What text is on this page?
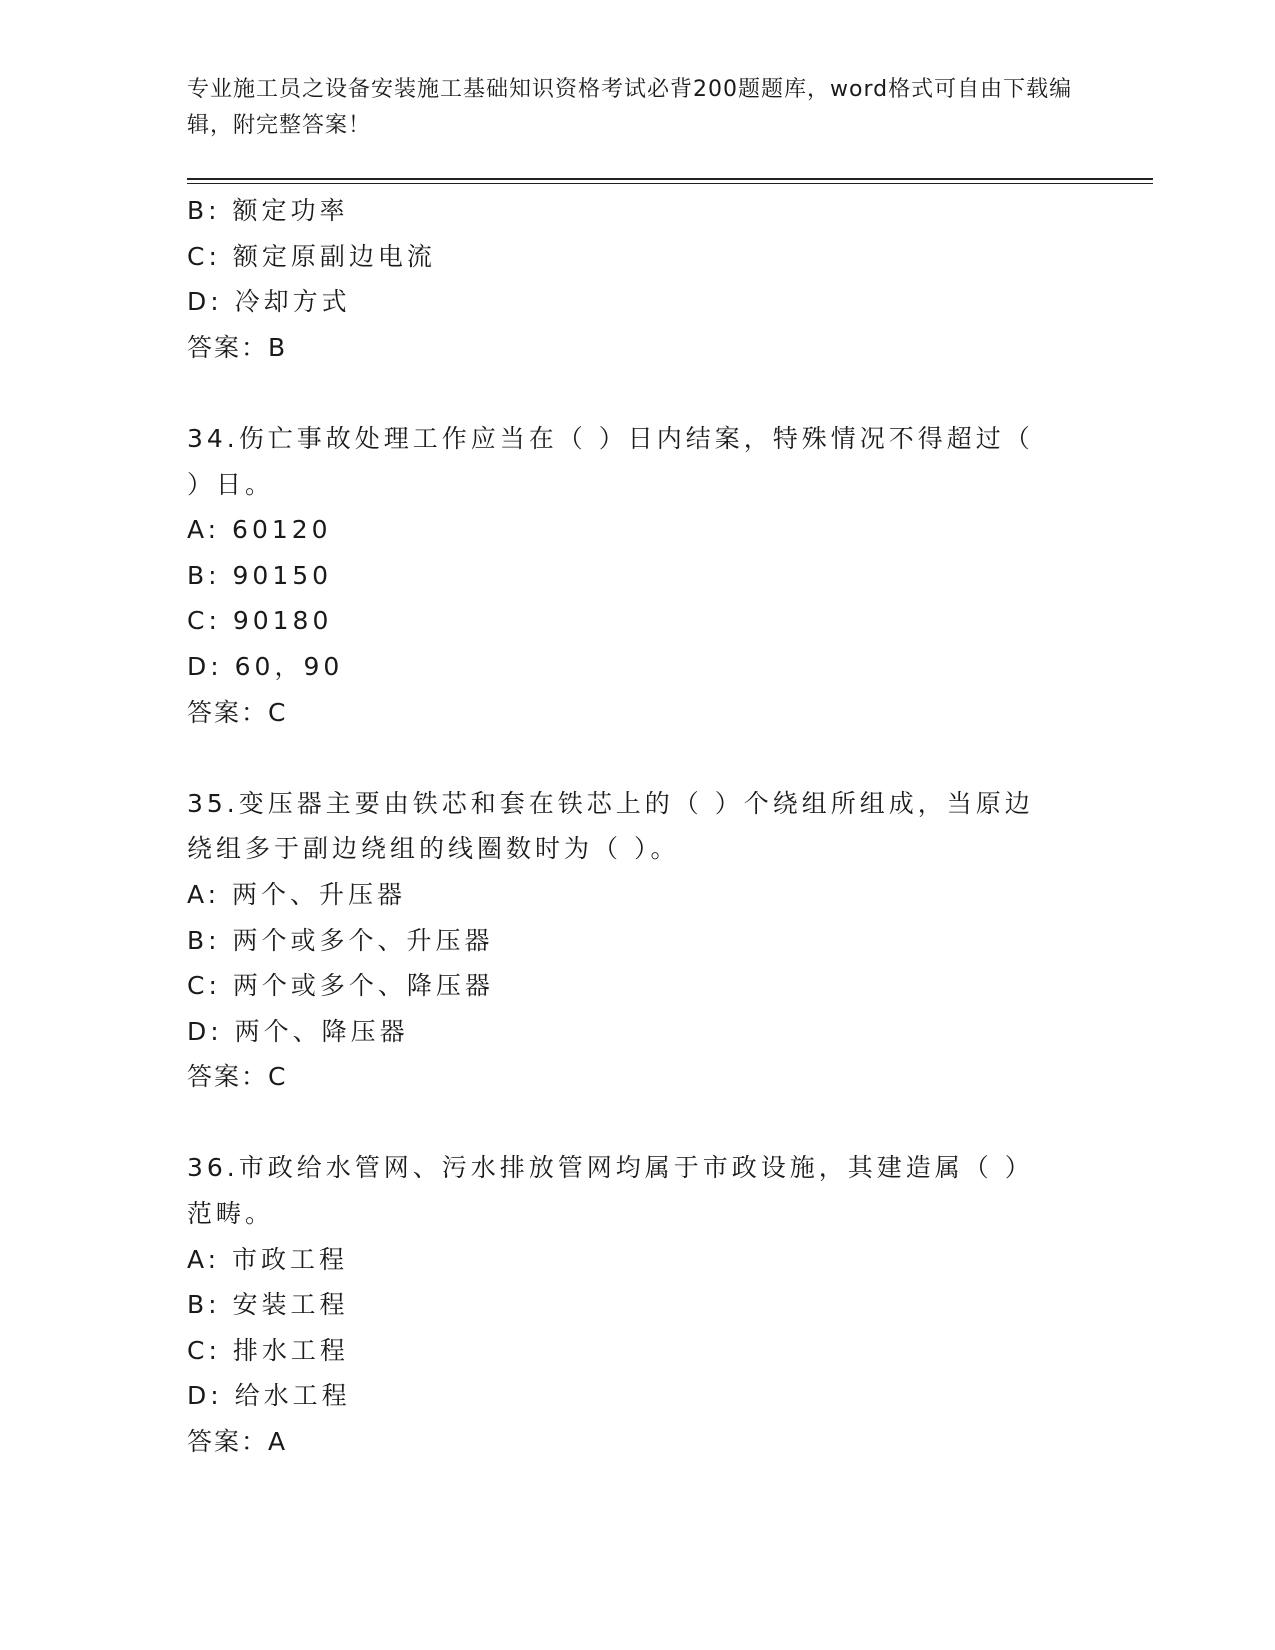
专业施工员之设备安装施工基础知识资格考试必背200题题库，word格式可自由下载编辑，附完整答案！
B: 额定功率
C: 额定原副边电流
D: 冷却方式
答案：B
34.伤亡事故处理工作应当在（ ）日内结案，特殊情况不得超过（ ）日。
A: 60120
B: 90150
C: 90180
D: 60，90
答案：C
35.变压器主要由铁芯和套在铁芯上的（ ）个绕组所组成，当原边绕组多于副边绕组的线圈数时为（ ）。
A: 两个、升压器
B: 两个或多个、升压器
C: 两个或多个、降压器
D: 两个、降压器
答案：C
36.市政给水管网、污水排放管网均属于市政设施，其建造属（ ）范畴。
A: 市政工程
B: 安装工程
C: 排水工程
D: 给水工程
答案：A
